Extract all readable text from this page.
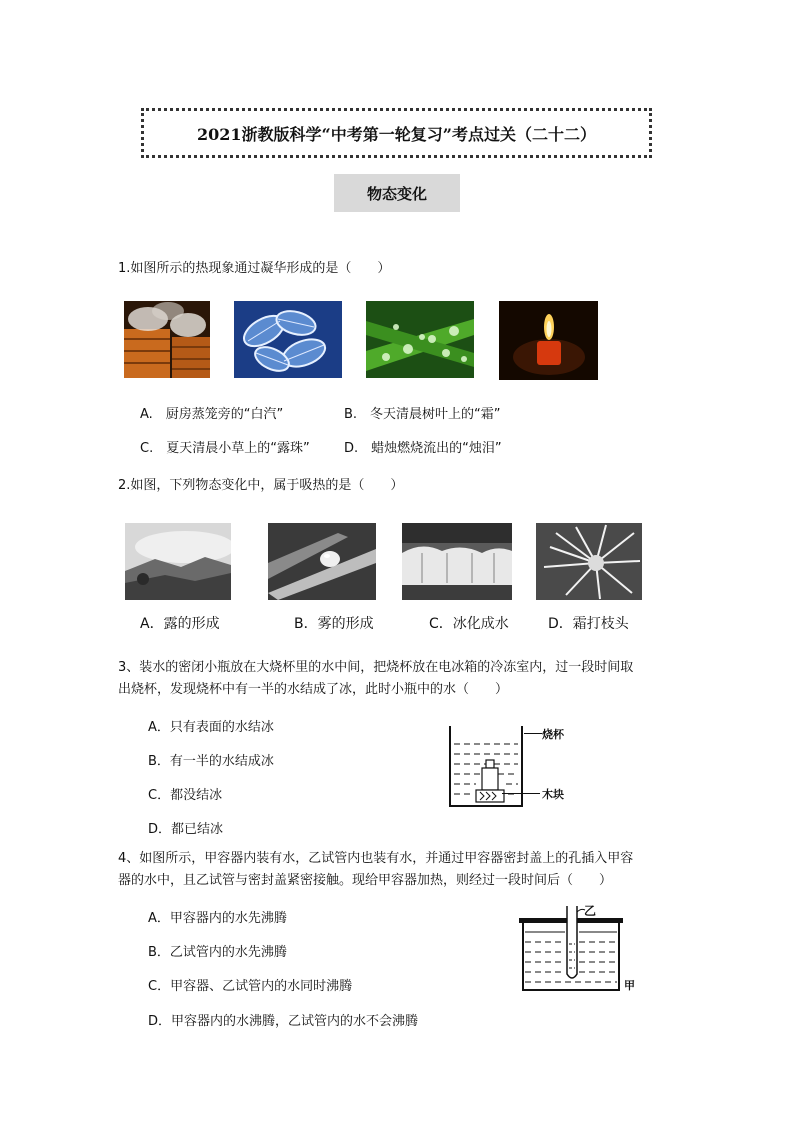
2021浙教版科学“中考第一轮复习”考点过关（二十二）
物态变化
1.如图所示的热现象通过凝华形成的是（　　）
A.　厨房蒸笼旁的“白汽”	B.　冬天清晨树叶上的“霜”
C.　夏天清晨小草上的“露珠”	D.　蜡烛燃烧流出的“烛泪”
2.如图，下列物态变化中，属于吸热的是（　　）
A．露的形成	B．雾的形成	C．冰化成水	D．霜打枝头
3、装水的密闭小瓶放在大烧杯里的水中间，把烧杯放在电冰箱的冷冻室内，过一段时间取
出烧杯，发现烧杯中有一半的水结成了冰，此时小瓶中的水（　　）
A．只有表面的水结冰
B．有一半的水结成冰
C．都没结冰
D．都已结冰
烧杯
木块
4、如图所示，甲容器内装有水，乙试管内也装有水，并通过甲容器密封盖上的孔插入甲容
器的水中，且乙试管与密封盖紧密接触。现给甲容器加热，则经过一段时间后（　　）
A．甲容器内的水先沸腾
B．乙试管内的水先沸腾
C．甲容器、乙试管内的水同时沸腾
D．甲容器内的水沸腾，乙试管内的水不会沸腾
乙
甲
